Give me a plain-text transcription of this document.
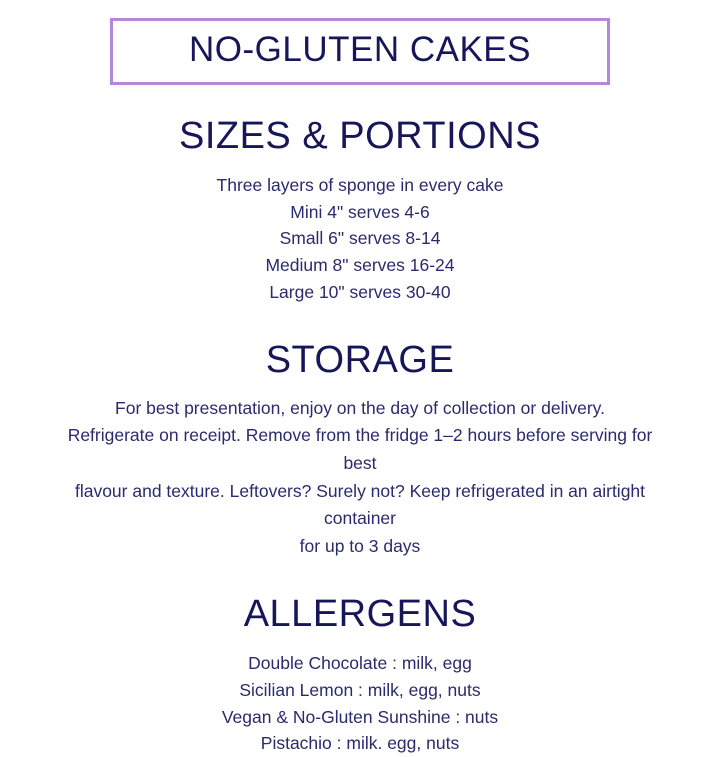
NO-GLUTEN CAKES
SIZES & PORTIONS
Three layers of sponge in every cake
Mini 4" serves 4-6
Small 6" serves 8-14
Medium 8" serves 16-24
Large 10" serves 30-40
STORAGE
For best presentation, enjoy on the day of collection or delivery.
Refrigerate on receipt. Remove from the fridge 1–2 hours before serving for best
flavour and texture. Leftovers? Surely not? Keep refrigerated in an airtight container
for up to 3 days
ALLERGENS
Double Chocolate : milk, egg
Sicilian Lemon : milk, egg, nuts
Vegan & No-Gluten Sunshine : nuts
Pistachio : milk. egg, nuts
